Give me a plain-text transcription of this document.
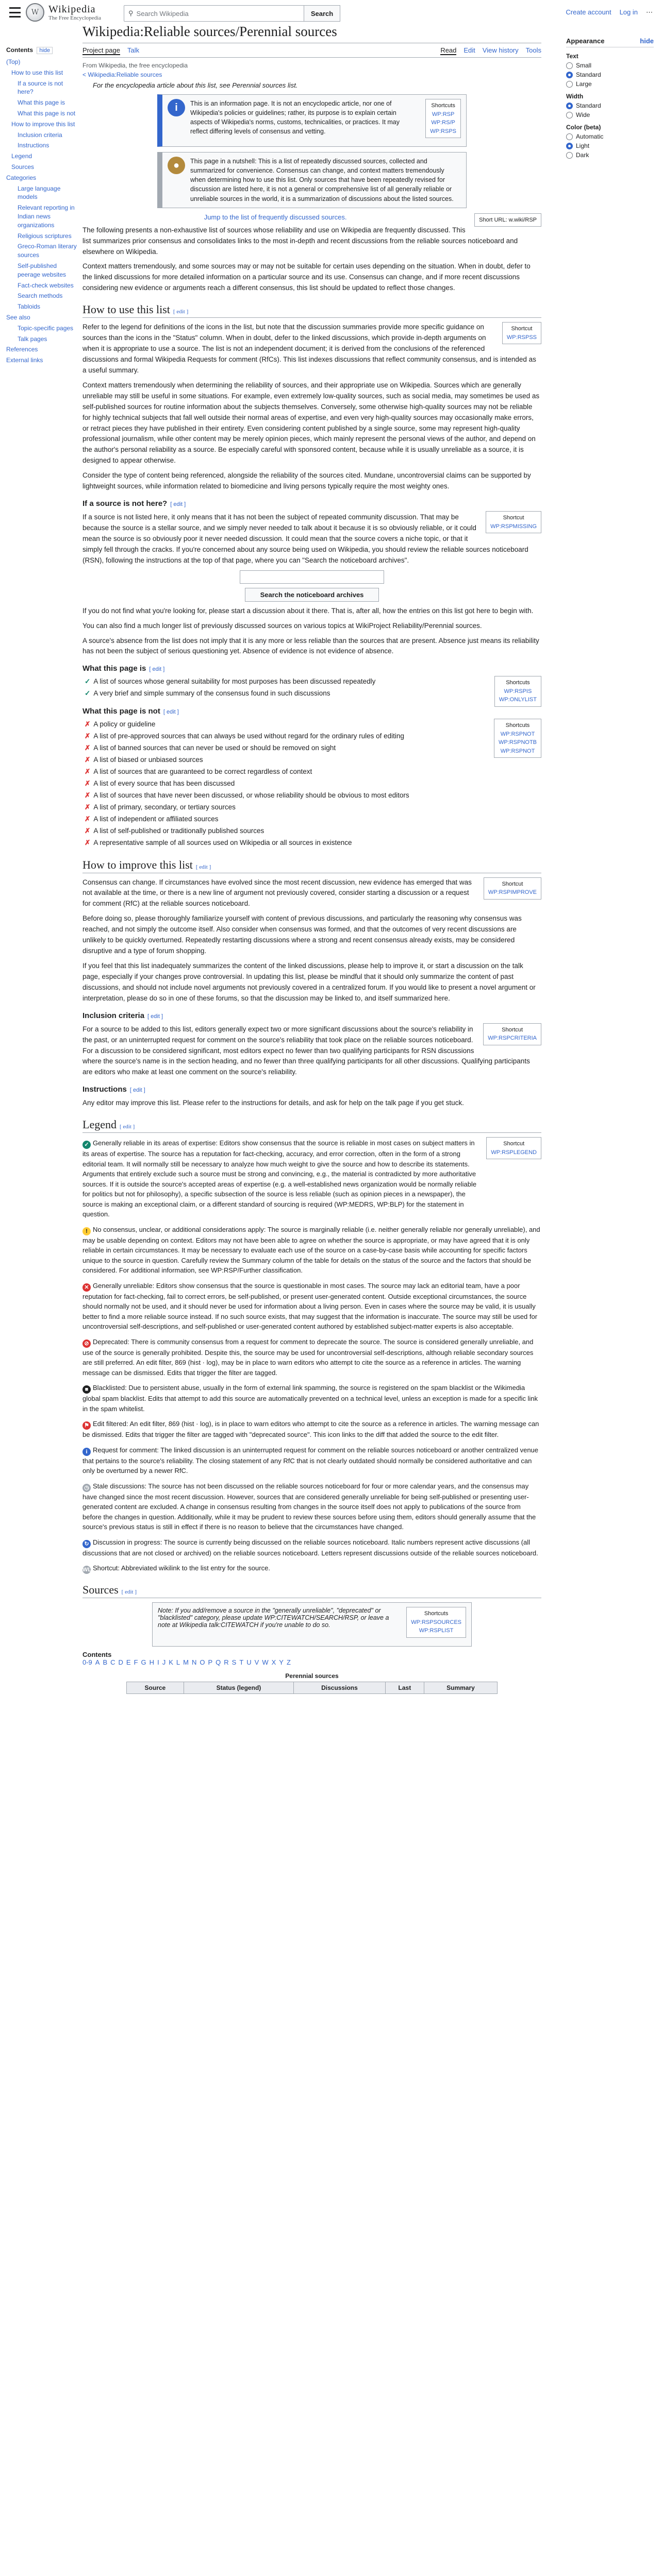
W Wikipedia
The Free Encyclopedia
⚲ Search Wikipedia	Search	Create account Log in ⋯
Contents hide
(Top)
How to use this list
If a source is not here?
What this page is
What this page is not
How to improve this list
Inclusion criteria
Instructions
Legend
Sources
Categories
Large language models
Relevant reporting in Indian news organizations
Religious scriptures
Greco-Roman literary sources
Self-published peerage websites
Fact-check websites
Search methods
Tabloids
See also
Topic-specific pages
Talk pages
References
External links
Wikipedia:Reliable sources/Perennial sources
Project page Talk	Read Edit View history Tools
From Wikipedia, the free encyclopedia
< Wikipedia:Reliable sources
For the encyclopedia article about this list, see Perennial sources list.
i	This is an information page. It is not an encyclopedic article, nor one of Wikipedia's policies or guidelines; rather, its purpose is to explain certain aspects of Wikipedia's norms, customs, technicalities, or practices. It may reflect differing levels of consensus and vetting.
Shortcuts
WP:RSP
WP:RS/P
WP:RSPS
●	This page in a nutshell: This is a list of repeatedly discussed sources, collected and summarized for convenience. Consensus can change, and context matters tremendously when determining how to use this list. Only sources that have been repeatedly revised for discussion are listed here, it is not a general or comprehensive list of all generally reliable or unreliable sources in the world, it is a summarization of discussions about the listed sources.
Jump to the list of frequently discussed sources.	Short URL: w.wiki/RSP

The following presents a non-exhaustive list of sources whose reliability and use on Wikipedia are frequently discussed. This list summarizes prior consensus and consolidates links to the most in-depth and recent discussions from the reliable sources noticeboard and elsewhere on Wikipedia.

Context matters tremendously, and some sources may or may not be suitable for certain uses depending on the situation. When in doubt, defer to the linked discussions for more detailed information on a particular source and its use. Consensus can change, and if more recent discussions considering new evidence or arguments reach a different consensus, this list should be updated to reflect those changes.

How to use this list [ edit ]
Shortcut
WP:RSPSS

Refer to the legend for definitions of the icons in the list, but note that the discussion summaries provide more specific guidance on sources than the icons in the "Status" column. When in doubt, defer to the linked discussions, which provide in-depth arguments on when it is appropriate to use a source. The list is not an independent document; it is derived from the conclusions of the referenced discussions and formal Wikipedia Requests for comment (RfCs). This list indexes discussions that reflect community consensus, and is intended as a useful summary.

Context matters tremendously when determining the reliability of sources, and their appropriate use on Wikipedia. Sources which are generally unreliable may still be useful in some situations. For example, even extremely low-quality sources, such as social media, may sometimes be used as self-published sources for routine information about the subjects themselves. Conversely, some otherwise high-quality sources may not be reliable for highly technical subjects that fall well outside their normal areas of expertise, and even very high-quality sources may occasionally make errors, or retract pieces they have published in their entirety. Even considering content published by a single source, some may represent high-quality professional journalism, while other content may be merely opinion pieces, which mainly represent the personal views of the author, and depend on the author's personal reliability as a source. Be especially careful with sponsored content, because while it is usually unreliable as a source, it is designed to appear otherwise.

Consider the type of content being referenced, alongside the reliability of the sources cited. Mundane, uncontroversial claims can be supported by lightweight sources, while information related to biomedicine and living persons typically require the most weighty ones.

If a source is not here? [ edit ]
Shortcut
WP:RSPMISSING

If a source is not listed here, it only means that it has not been the subject of repeated community discussion. That may be because the source is a stellar source, and we simply never needed to talk about it because it is so obviously reliable, or it could mean the source is so obviously poor it never needed discussion. It could mean that the source covers a niche topic, or that it simply fell through the cracks. If you're concerned about any source being used on Wikipedia, you should review the reliable sources noticeboard (RSN), following the instructions at the top of that page, where you can "Search the noticeboard archives".

Search the noticeboard archives

If you do not find what you're looking for, please start a discussion about it there. That is, after all, how the entries on this list got here to begin with.

You can also find a much longer list of previously discussed sources on various topics at WikiProject Reliability/Perennial sources.

A source's absence from the list does not imply that it is any more or less reliable than the sources that are present. Absence just means its reliability has not been the subject of serious questioning yet. Absence of evidence is not evidence of absence.

What this page is [ edit ]
Shortcuts
WP:RSPIS
WP:ONLYLIST
✓ A list of sources whose general suitability for most purposes has been discussed repeatedly
✓ A very brief and simple summary of the consensus found in such discussions
What this page is not [ edit ]
Shortcuts
WP:RSPNOT
WP:RSPNOTB
WP:RSPNOT
✗ A policy or guideline
✗ A list of pre-approved sources that can always be used without regard for the ordinary rules of editing
✗ A list of banned sources that can never be used or should be removed on sight
✗ A list of biased or unbiased sources
✗ A list of sources that are guaranteed to be correct regardless of context
✗ A list of every source that has been discussed
✗ A list of sources that have never been discussed, or whose reliability should be obvious to most editors
✗ A list of primary, secondary, or tertiary sources
✗ A list of independent or affiliated sources
✗ A list of self-published or traditionally published sources
✗ A representative sample of all sources used on Wikipedia or all sources in existence
How to improve this list [ edit ]
Shortcut
WP:RSPIMPROVE

Consensus can change. If circumstances have evolved since the most recent discussion, new evidence has emerged that was not available at the time, or there is a new line of argument not previously covered, consider starting a discussion or a request for comment (RfC) at the reliable sources noticeboard.

Before doing so, please thoroughly familiarize yourself with content of previous discussions, and particularly the reasoning why consensus was reached, and not simply the outcome itself. Also consider when consensus was formed, and that the outcomes of very recent discussions are unlikely to be quickly overturned. Repeatedly restarting discussions where a strong and recent consensus already exists, may be considered disruptive and a type of forum shopping.

If you feel that this list inadequately summarizes the content of the linked discussions, please help to improve it, or start a discussion on the talk page, especially if your changes prove controversial. In updating this list, please be mindful that it should only summarize the content of past discussions, and should not include novel arguments not previously covered in a centralized forum. If you would like to present a novel argument or interpretation, please do so in one of these forums, so that the discussion may be linked to, and itself summarized here.

Inclusion criteria [ edit ]
Shortcut
WP:RSPCRITERIA

For a source to be added to this list, editors generally expect two or more significant discussions about the source's reliability in the past, or an uninterrupted request for comment on the source's reliability that took place on the reliable sources noticeboard. For a discussion to be considered significant, most editors expect no fewer than two qualifying participants for RSN discussions where the source's name is in the section heading, and no fewer than three qualifying participants for all other discussions. Qualifying participants are editors who make at least one comment on the source's reliability.

Instructions [ edit ]

Any editor may improve this list. Please refer to the instructions for details, and ask for help on the talk page if you get stuck.

Legend [ edit ]
Shortcut
WP:RSPLEGEND
✓ Generally reliable in its areas of expertise: Editors show consensus that the source is reliable in most cases on subject matters in its areas of expertise. The source has a reputation for fact-checking, accuracy, and error correction, often in the form of a strong editorial team. It will normally still be necessary to analyze how much weight to give the source and how to describe its statements. Arguments that entirely exclude such a source must be strong and convincing, e.g., the material is contradicted by more authoritative sources. If it is outside the source's accepted areas of expertise (e.g. a well-established news organization would be normally reliable for politics but not for philosophy), a specific subsection of the source is less reliable (such as opinion pieces in a newspaper), the source is making an exceptional claim, or a different standard of sourcing is required (WP:MEDRS, WP:BLP) for the statement in question.
! No consensus, unclear, or additional considerations apply: The source is marginally reliable (i.e. neither generally reliable nor generally unreliable), and may be usable depending on context. Editors may not have been able to agree on whether the source is appropriate, or may have agreed that it is only reliable in certain circumstances. It may be necessary to evaluate each use of the source on a case-by-case basis while accounting for specific factors unique to the source in question. Carefully review the Summary column of the table for details on the status of the source and the factors that should be considered. For additional information, see WP:RSP/Further classification.
✕ Generally unreliable: Editors show consensus that the source is questionable in most cases. The source may lack an editorial team, have a poor reputation for fact-checking, fail to correct errors, be self-published, or present user-generated content. Outside exceptional circumstances, the source should normally not be used, and it should never be used for information about a living person. Even in cases where the source may be valid, it is usually better to find a more reliable source instead. If no such source exists, that may suggest that the information is inaccurate. The source may still be used for uncontroversial self-descriptions, and self-published or user-generated content authored by established subject-matter experts is also acceptable.
⊘ Deprecated: There is community consensus from a request for comment to deprecate the source. The source is considered generally unreliable, and use of the source is generally prohibited. Despite this, the source may be used for uncontroversial self-descriptions, although reliable secondary sources are still preferred. An edit filter, 869 (hist · log), may be in place to warn editors who attempt to cite the source as a reference in articles. The warning message can be dismissed. Edits that trigger the filter are tagged.
■ Blacklisted: Due to persistent abuse, usually in the form of external link spamming, the source is registered on the spam blacklist or the Wikimedia global spam blacklist. Edits that attempt to add this source are automatically prevented on a technical level, unless an exception is made for a specific link in the spam whitelist.
⚑ Edit filtered: An edit filter, 869 (hist · log), is in place to warn editors who attempt to cite the source as a reference in articles. The warning message can be dismissed. Edits that trigger the filter are tagged with "deprecated source". This icon links to the diff that added the source to the edit filter.
i Request for comment: The linked discussion is an uninterrupted request for comment on the reliable sources noticeboard or another centralized venue that pertains to the source's reliability. The closing statement of any RfC that is not clearly outdated should normally be considered authoritative and can only be overturned by a newer RfC.
◷ Stale discussions: The source has not been discussed on the reliable sources noticeboard for four or more calendar years, and the consensus may have changed since the most recent discussion. However, sources that are considered generally unreliable for being self-published or presenting user-generated content are excluded. A change in consensus resulting from changes in the source itself does not apply to publications of the source from before the changes in question. Additionally, while it may be prudent to review these sources before using them, editors should generally assume that the source's previous status is still in effect if there is no reason to believe that the circumstances have changed.
↻ Discussion in progress: The source is currently being discussed on the reliable sources noticeboard. Italic numbers represent active discussions (all discussions that are not closed or archived) on the reliable sources noticeboard. Letters represent discussions outside of the reliable sources noticeboard.
WL Shortcut: Abbreviated wikilink to the list entry for the source.
Sources [ edit ]
Shortcuts
WP:RSPSOURCES
WP:RSPLIST
Note: If you add/remove a source in the "generally unreliable", "deprecated" or "blacklisted" category, please update WP:CITEWATCH/SEARCH/RSP, or leave a note at Wikipedia talk:CITEWATCH if you're unable to do so.
Contents
0-9 A B C D E F G H I J K L M N O P Q R S T U V W X Y Z
Perennial sources
Source	Status (legend)	Discussions	Last	Summary
Appearance	hide
Text
Small
Standard
Large
Width
Standard
Wide
Color (beta)
Automatic
Light
Dark
